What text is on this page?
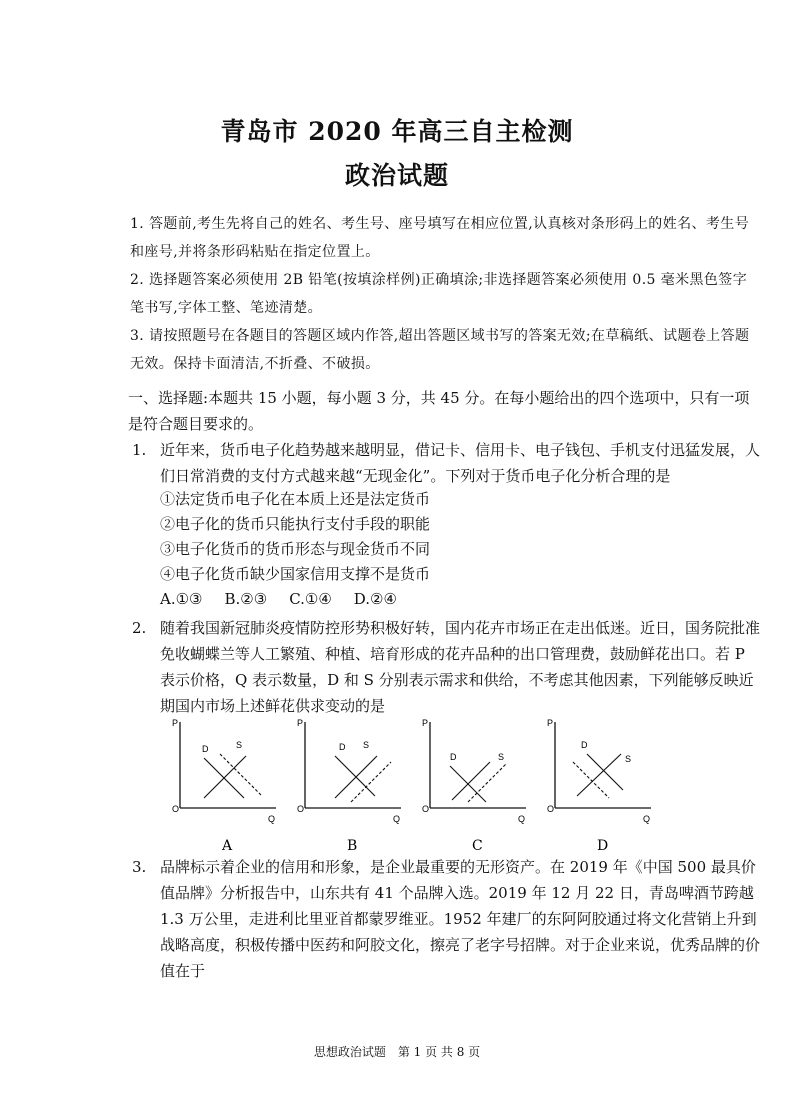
青岛市 2020 年高三自主检测
政治试题

1. 答题前,考生先将自己的姓名、考生号、座号填写在相应位置,认真核对条形码上的姓名、考生号和座号,并将条形码粘贴在指定位置上。

2. 选择题答案必须使用 2B 铅笔(按填涂样例)正确填涂;非选择题答案必须使用 0.5 毫米黑色签字笔书写,字体工整、笔迹清楚。

3. 请按照题号在各题目的答题区域内作答,超出答题区域书写的答案无效;在草稿纸、试题卷上答题无效。保持卡面清洁,不折叠、不破损。

一、选择题:本题共 15 小题，每小题 3 分，共 45 分。在每小题给出的四个选项中，只有一项是符合题目要求的。
1. 近年来，货币电子化趋势越来越明显，借记卡、信用卡、电子钱包、手机支付迅猛发展，人们日常消费的支付方式越来越“无现金化”。下列对于货币电子化分析合理的是

①法定货币电子化在本质上还是法定货币
②电子化的货币只能执行支付手段的职能
③电子化货币的货币形态与现金货币不同
④电子化货币缺少国家信用支撑不是货币
A.①③ B.②③ C.①④ D.②④
2. 随着我国新冠肺炎疫情防控形势积极好转，国内花卉市场正在走出低迷。近日，国务院批准免收蝴蝶兰等人工繁殖、种植、培育形成的花卉品种的出口管理费，鼓励鲜花出口。若 P 表示价格，Q 表示数量，D 和 S 分别表示需求和供给，不考虑其他因素，下列能够反映近期国内市场上述鲜花供求变动的是

P
Q
O
D	S
A
P
Q
O
D S
B
P
Q
O
D	S
C
P
Q
O
D
S
D
3. 品牌标示着企业的信用和形象，是企业最重要的无形资产。在 2019 年《中国 500 最具价值品牌》分析报告中，山东共有 41 个品牌入选。2019 年 12 月 22 日，青岛啤酒节跨越 1.3 万公里，走进利比里亚首都蒙罗维亚。1952 年建厂的东阿阿胶通过将文化营销上升到战略高度，积极传播中医药和阿胶文化，擦亮了老字号招牌。对于企业来说，优秀品牌的价值在于

思想政治试题　第 1 页 共 8 页
